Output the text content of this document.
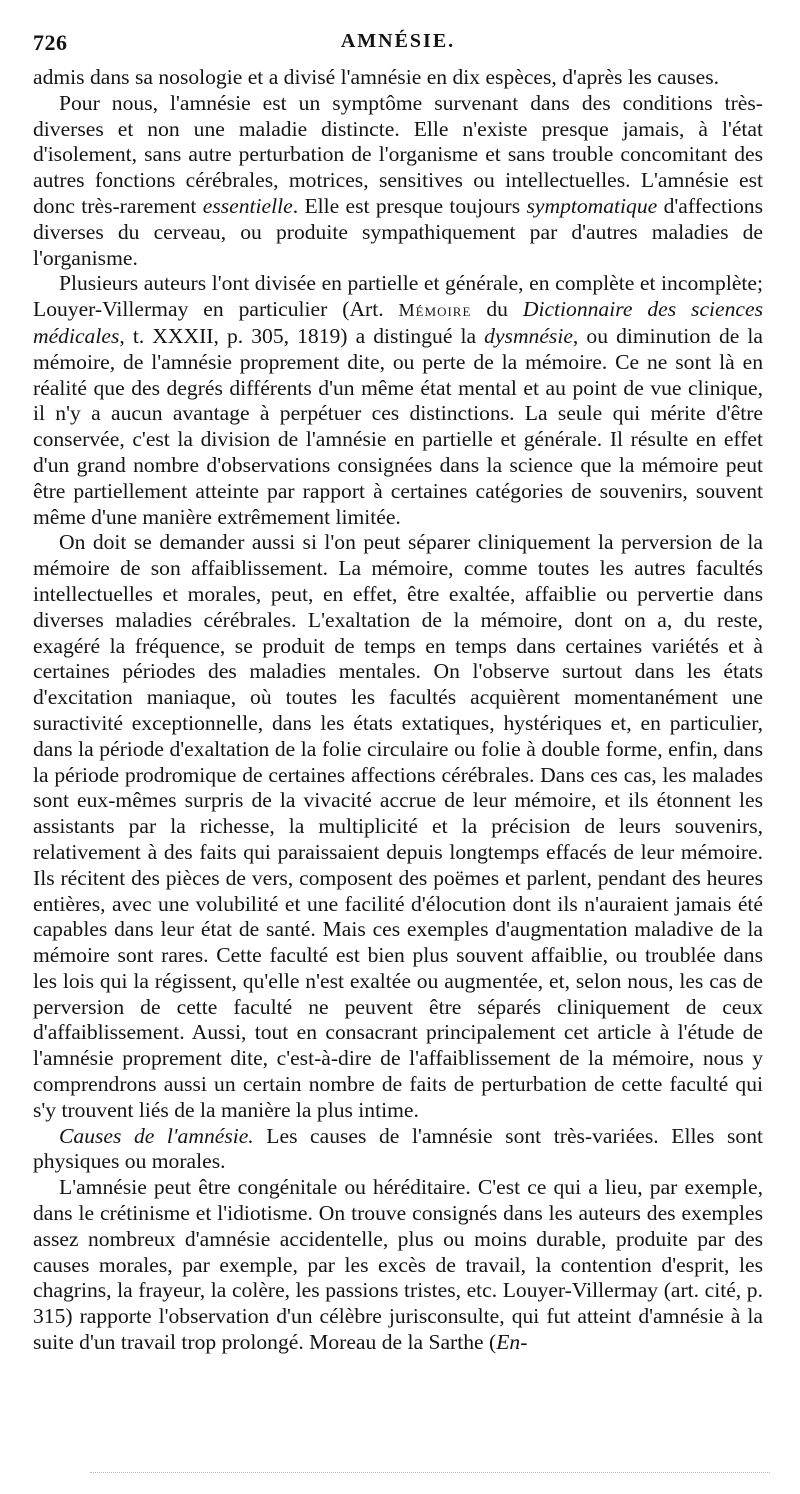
726	AMNÉSIE.

admis dans sa nosologie et a divisé l'amnésie en dix espèces, d'après les causes.

Pour nous, l'amnésie est un symptôme survenant dans des conditions très-diverses et non une maladie distincte. Elle n'existe presque jamais, à l'état d'isolement, sans autre perturbation de l'organisme et sans trouble concomitant des autres fonctions cérébrales, motrices, sensitives ou intellectuelles. L'amnésie est donc très-rarement essentielle. Elle est presque toujours symptomatique d'affections diverses du cerveau, ou produite sympathiquement par d'autres maladies de l'organisme.

Plusieurs auteurs l'ont divisée en partielle et générale, en complète et incomplète; Louyer-Villermay en particulier (Art. Mémoire du Dictionnaire des sciences médicales, t. XXXII, p. 305, 1819) a distingué la dysmnésie, ou diminution de la mémoire, de l'amnésie proprement dite, ou perte de la mémoire. Ce ne sont là en réalité que des degrés différents d'un même état mental et au point de vue clinique, il n'y a aucun avantage à perpétuer ces distinctions. La seule qui mérite d'être conservée, c'est la division de l'amnésie en partielle et générale. Il résulte en effet d'un grand nombre d'observations consignées dans la science que la mémoire peut être partiellement atteinte par rapport à certaines catégories de souvenirs, souvent même d'une manière extrêmement limitée.

On doit se demander aussi si l'on peut séparer cliniquement la perversion de la mémoire de son affaiblissement. La mémoire, comme toutes les autres facultés intellectuelles et morales, peut, en effet, être exaltée, affaiblie ou pervertie dans diverses maladies cérébrales. L'exaltation de la mémoire, dont on a, du reste, exagéré la fréquence, se produit de temps en temps dans certaines variétés et à certaines périodes des maladies mentales. On l'observe surtout dans les états d'excitation maniaque, où toutes les facultés acquièrent momentanément une suractivité exceptionnelle, dans les états extatiques, hystériques et, en particulier, dans la période d'exaltation de la folie circulaire ou folie à double forme, enfin, dans la période prodromique de certaines affections cérébrales. Dans ces cas, les malades sont eux-mêmes surpris de la vivacité accrue de leur mémoire, et ils étonnent les assistants par la richesse, la multiplicité et la précision de leurs souvenirs, relativement à des faits qui paraissaient depuis longtemps effacés de leur mémoire. Ils récitent des pièces de vers, composent des poëmes et parlent, pendant des heures entières, avec une volubilité et une facilité d'élocution dont ils n'auraient jamais été capables dans leur état de santé. Mais ces exemples d'augmentation maladive de la mémoire sont rares. Cette faculté est bien plus souvent affaiblie, ou troublée dans les lois qui la régissent, qu'elle n'est exaltée ou augmentée, et, selon nous, les cas de perversion de cette faculté ne peuvent être séparés cliniquement de ceux d'affaiblissement. Aussi, tout en consacrant principalement cet article à l'étude de l'amnésie proprement dite, c'est-à-dire de l'affaiblissement de la mémoire, nous y comprendrons aussi un certain nombre de faits de perturbation de cette faculté qui s'y trouvent liés de la manière la plus intime.

Causes de l'amnésie. Les causes de l'amnésie sont très-variées. Elles sont physiques ou morales.

L'amnésie peut être congénitale ou héréditaire. C'est ce qui a lieu, par exemple, dans le crétinisme et l'idiotisme. On trouve consignés dans les auteurs des exemples assez nombreux d'amnésie accidentelle, plus ou moins durable, produite par des causes morales, par exemple, par les excès de travail, la contention d'esprit, les chagrins, la frayeur, la colère, les passions tristes, etc. Louyer-Villermay (art. cité, p. 315) rapporte l'observation d'un célèbre jurisconsulte, qui fut atteint d'amnésie à la suite d'un travail trop prolongé. Moreau de la Sarthe (En-
